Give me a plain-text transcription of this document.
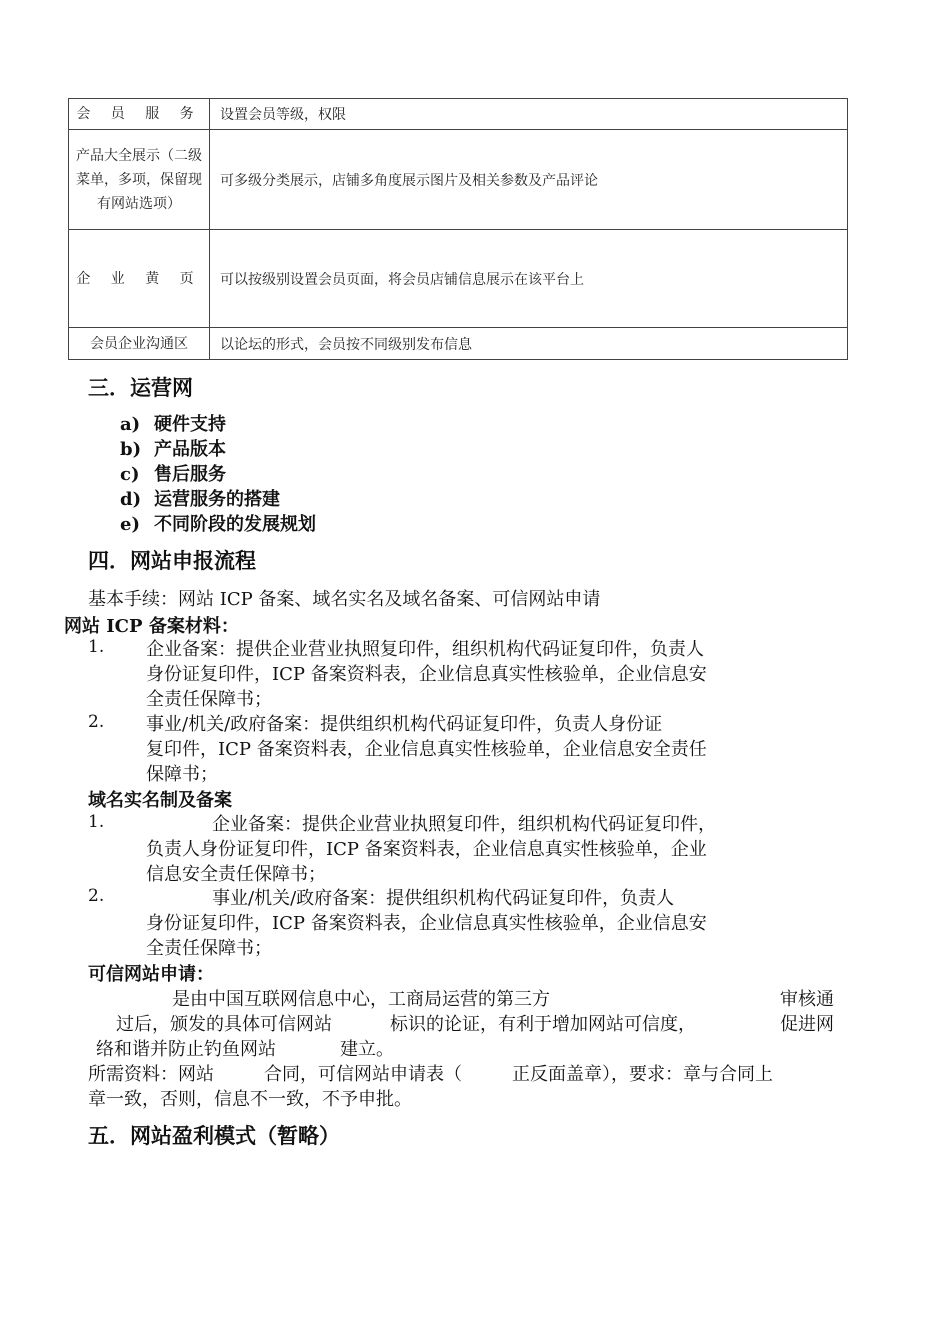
会 员 服 务	设置会员等级，权限
产品大全展示（二级菜单，多项，保留现有网站选项）	可多级分类展示，店铺多角度展示图片及相关参数及产品评论
企 业 黄 页	可以按级别设置会员页面，将会员店铺信息展示在该平台上
会员企业沟通区	以论坛的形式，会员按不同级别发布信息
三．运营网
a) 硬件支持
b) 产品版本
c) 售后服务
d) 运营服务的搭建
e) 不同阶段的发展规划
四．网站申报流程
基本手续：网站 ICP 备案、域名实名及域名备案、可信网站申请
网站 ICP 备案材料：
1. 企业备案：提供企业营业执照复印件，组织机构代码证复印件，负责人
身份证复印件，ICP 备案资料表，企业信息真实性核验单，企业信息安
全责任保障书；
2. 事业/机关/政府备案：提供组织机构代码证复印件，负责人身份证
复印件，ICP 备案资料表，企业信息真实性核验单，企业信息安全责任
保障书；
域名实名制及备案
1.	企业备案：提供企业营业执照复印件，组织机构代码证复印件，
负责人身份证复印件，ICP 备案资料表，企业信息真实性核验单，企业
信息安全责任保障书；
2.	事业/机关/政府备案：提供组织机构代码证复印件，负责人
身份证复印件，ICP 备案资料表，企业信息真实性核验单，企业信息安
全责任保障书；
可信网站申请：
是由中国互联网信息中心，工商局运营的第三方	审核通
过后，颁发的具体可信网站	标识的论证，有利于增加网站可信度，	促进网
络和谐并防止钓鱼网站	建立。
所需资料：网站	合同，可信网站申请表（	正反面盖章），要求：章与合同上
章一致，否则，信息不一致，不予申批。
五．网站盈利模式（暂略）
